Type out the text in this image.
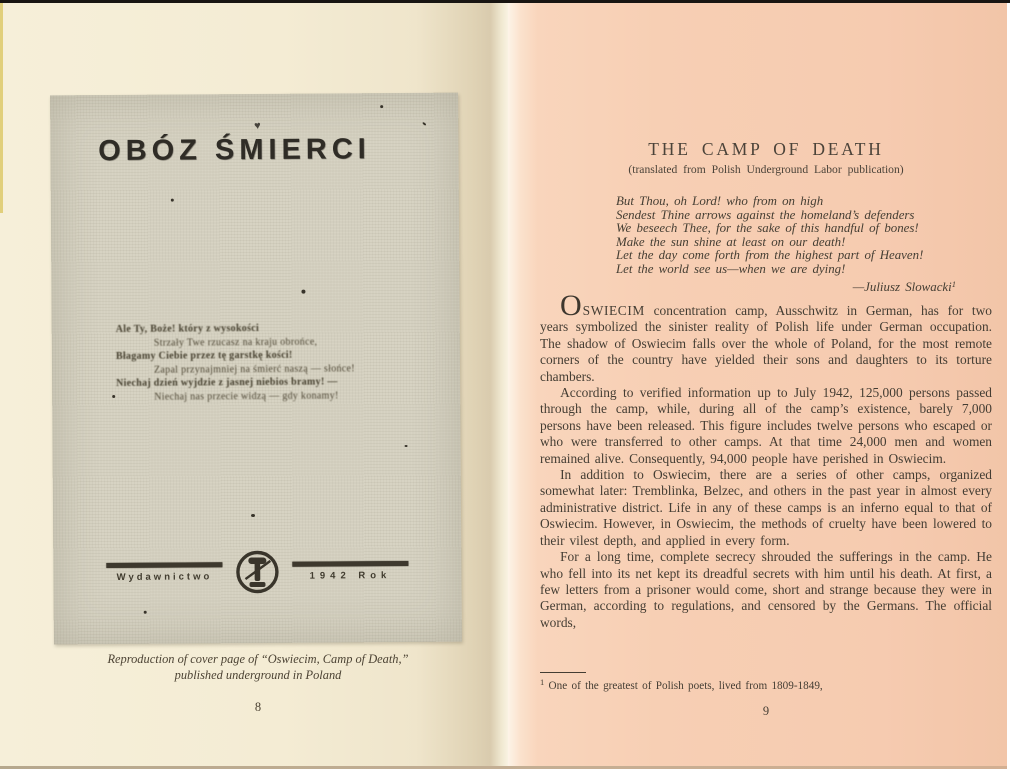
♥
OBÓZ ŚMIERCI
Ale Ty, Boże! który z wysokości
Strzały Twe rzucasz na kraju obrońce,
Błagamy Ciebie przez tę garstkę kości!
Zapal przynajmniej na śmierć naszą — słońce!
Niechaj dzień wyjdzie z jasnej niebios bramy! —
Niechaj nas przecie widzą — gdy konamy!
Wydawnictwo	1942 Rok
Reproduction of cover page of “Oswiecim, Camp of Death,”
published underground in Poland
8
THE CAMP OF DEATH
(translated from Polish Underground Labor publication)
But Thou, oh Lord! who from on high
Sendest Thine arrows against the homeland’s defenders
We beseech Thee, for the sake of this handful of bones!
Make the sun shine at least on our death!
Let the day come forth from the highest part of Heaven!
Let the world see us—when we are dying!
—Juliusz Slowacki$^1$

OSWIECIM concentration camp, Ausschwitz in German, has for two years symbolized the sinister reality of Polish life under German occupation. The shadow of Oswiecim falls over the whole of Poland, for the most remote corners of the country have yielded their sons and daughters to its torture chambers.

According to verified information up to July 1942, 125,000 persons passed through the camp, while, during all of the camp’s existence, barely 7,000 persons have been released. This figure includes twelve persons who escaped or who were transferred to other camps. At that time 24,000 men and women remained alive. Consequently, 94,000 people have perished in Oswiecim.

In addition to Oswiecim, there are a series of other camps, organized somewhat later: Tremblinka, Belzec, and others in the past year in almost every administrative district. Life in any of these camps is an inferno equal to that of Oswiecim. However, in Oswiecim, the methods of cruelty have been lowered to their vilest depth, and applied in every form.

For a long time, complete secrecy shrouded the sufferings in the camp. He who fell into its net kept its dreadful secrets with him until his death. At first, a few letters from a prisoner would come, short and strange because they were in German, according to regulations, and censored by the Germans. The official words,

$^1$ One of the greatest of Polish poets, lived from 1809-1849,
9
